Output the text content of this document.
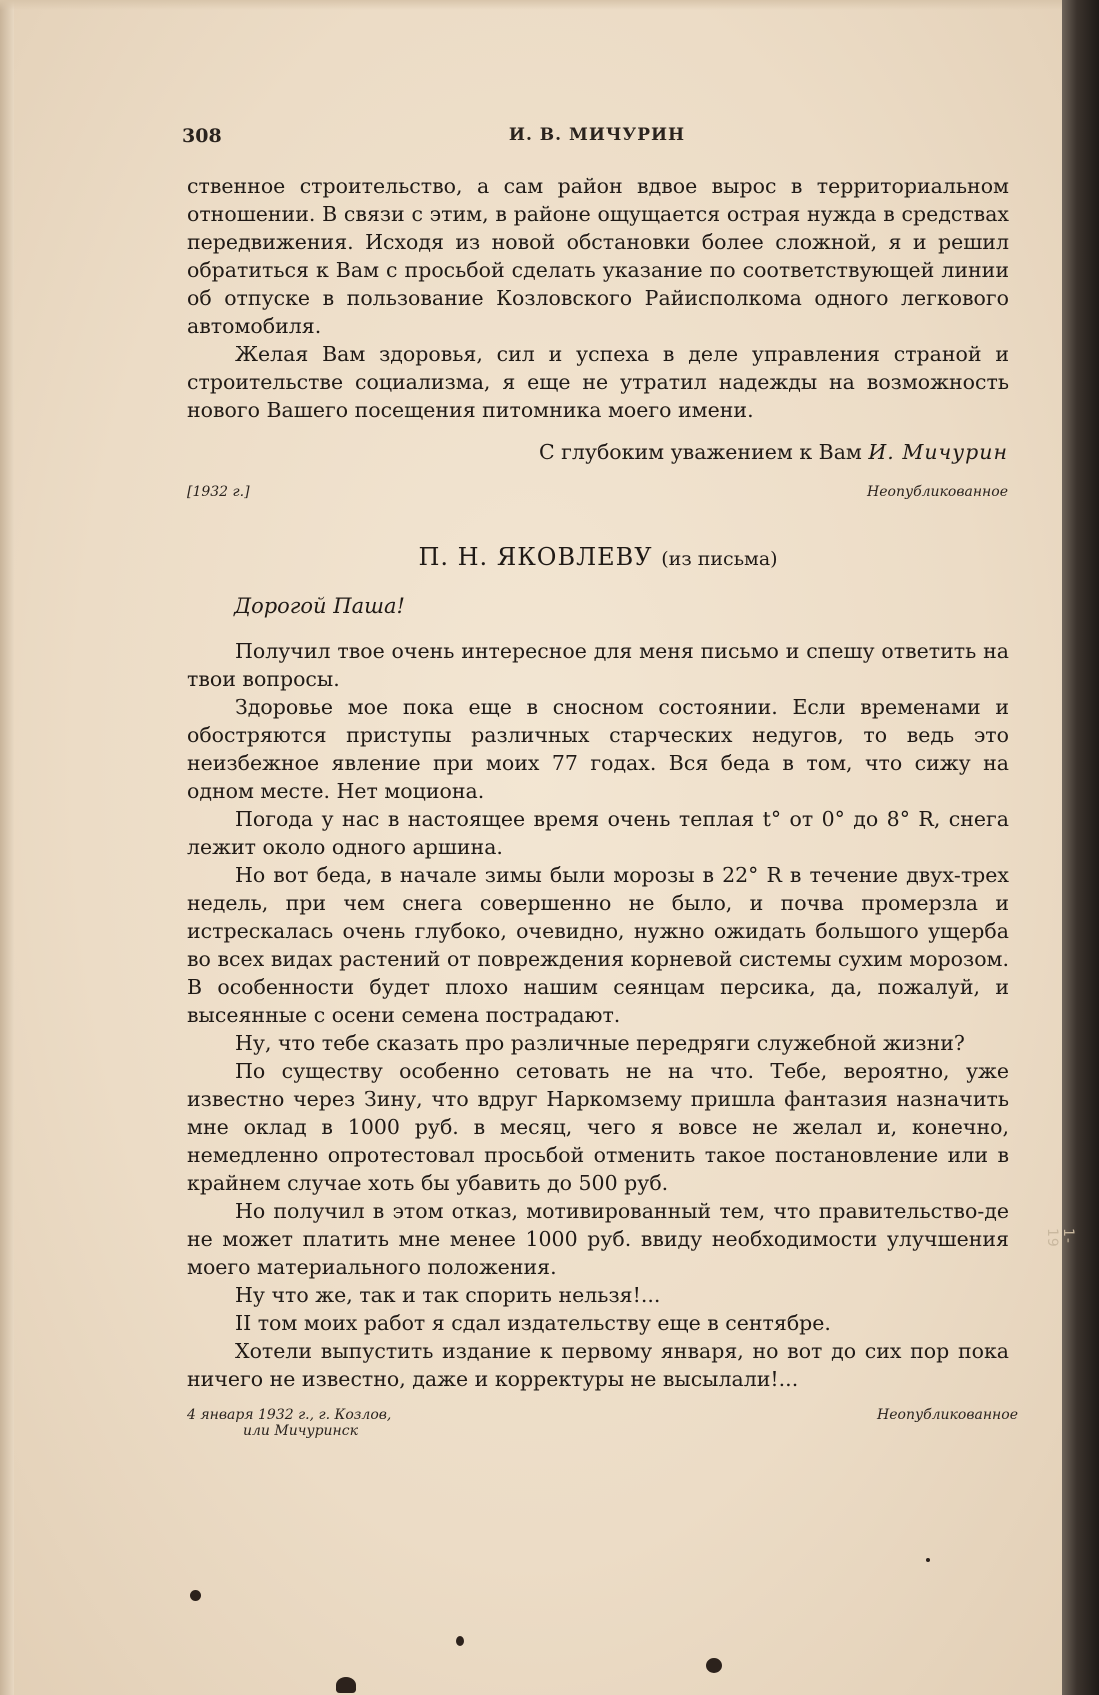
308	И. В. МИЧУРИН

ственное строительство, а сам район вдвое вырос в территориальном отношении. В связи с этим, в районе ощущается острая нужда в средствах передвижения. Исходя из новой обстановки более сложной, я и решил обратиться к Вам с просьбой сделать указание по соответствующей линии об отпуске в пользование Козловского Райисполкома одного легкового автомобиля.

Желая Вам здоровья, сил и успеха в деле управления страной и строительстве социализма, я еще не утратил надежды на возможность нового Вашего посещения питомника моего имени.

С глубоким уважением к Вам И. Мичурин
[1932 г.]	Неопубликованное
П. Н. ЯКОВЛЕВУ (из письма)
Дорогой Паша!

Получил твое очень интересное для меня письмо и спешу ответить на твои вопросы.

Здоровье мое пока еще в сносном состоянии. Если временами и обостряются приступы различных старческих недугов, то ведь это неизбежное явление при моих 77 годах. Вся беда в том, что сижу на одном месте. Нет моциона.

Погода у нас в настоящее время очень теплая t° от 0° до 8° R, снега лежит около одного аршина.

Но вот беда, в начале зимы были морозы в 22° R в течение двух-трех недель, при чем снега совершенно не было, и почва промерзла и истрескалась очень глубоко, очевидно, нужно ожидать большого ущерба во всех видах растений от повреждения корневой системы сухим морозом. В особенности будет плохо нашим сеянцам персика, да, пожалуй, и высеянные с осени семена пострадают.

Ну, что тебе сказать про различные передряги служебной жизни?

По существу особенно сетовать не на что. Тебе, вероятно, уже известно через Зину, что вдруг Наркомзему пришла фантазия назначить мне оклад в 1000 руб. в месяц, чего я вовсе не желал и, конечно, немедленно опротестовал просьбой отменить такое постановление или в крайнем случае хоть бы убавить до 500 руб.

Но получил в этом отказ, мотивированный тем, что правительство-де не может платить мне менее 1000 руб. ввиду необходимости улучшения моего материального положения.

Ну что же, так и так спорить нельзя!...

II том моих работ я сдал издательству еще в сентябре.

Хотели выпустить издание к первому января, но вот до сих пор пока ничего не известно, даже и корректуры не высылали!...

4 января 1932 г., г. Козлов,
или Мичуринск
Неопубликованное
1-19
